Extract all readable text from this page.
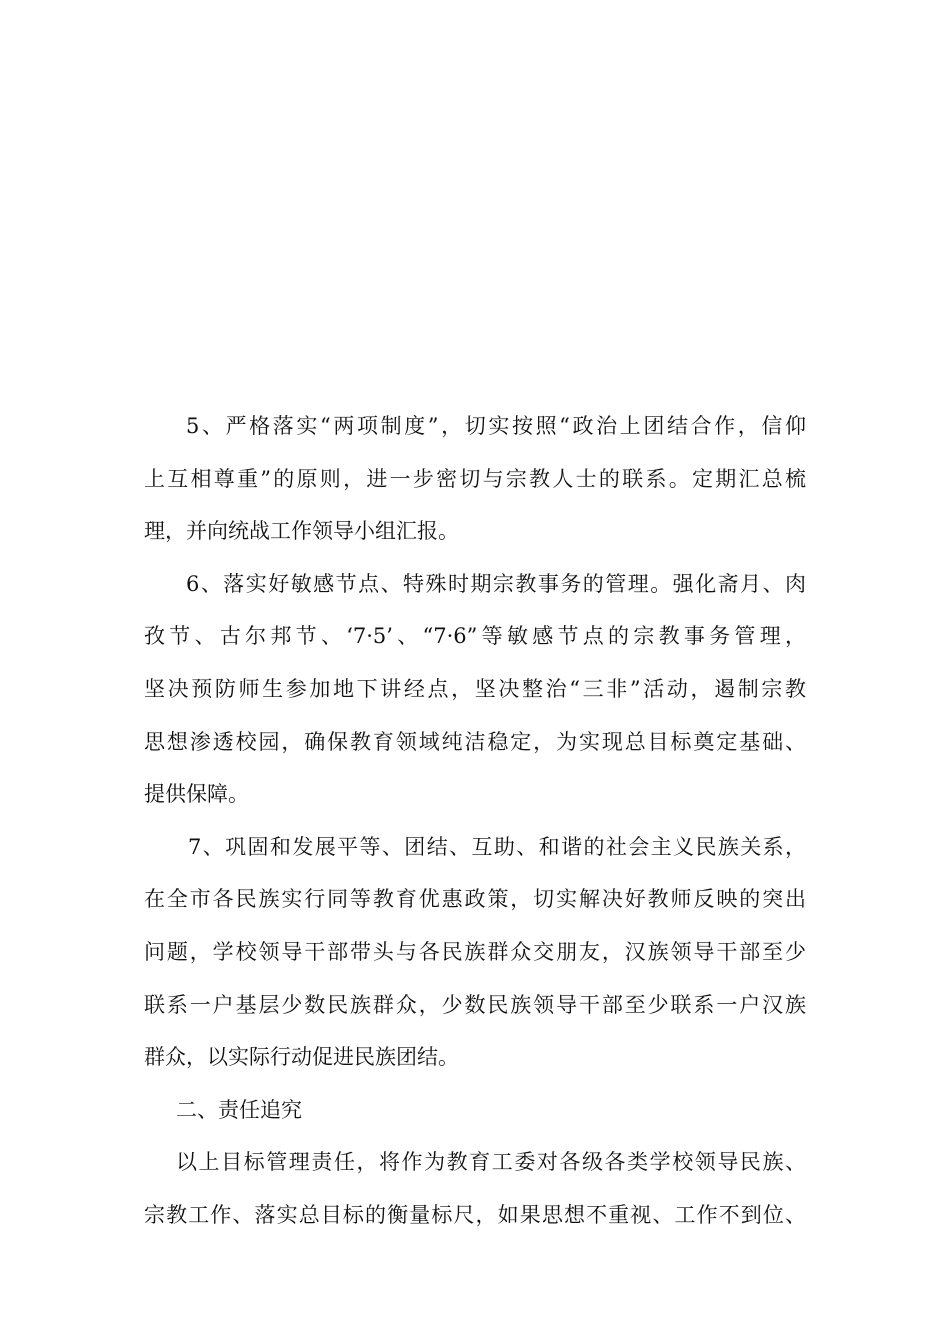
5、严格落实“两项制度”，切实按照“政治上团结合作，信仰
上互相尊重”的原则，进一步密切与宗教人士的联系。定期汇总梳
理，并向统战工作领导小组汇报。
6、落实好敏感节点、特殊时期宗教事务的管理。强化斋月、肉
孜节、古尔邦节、‘7·5’、“7·6”等敏感节点的宗教事务管理，
坚决预防师生参加地下讲经点，坚决整治“三非”活动，遏制宗教
思想渗透校园，确保教育领域纯洁稳定，为实现总目标奠定基础、
提供保障。
7、巩固和发展平等、团结、互助、和谐的社会主义民族关系，
在全市各民族实行同等教育优惠政策，切实解决好教师反映的突出
问题，学校领导干部带头与各民族群众交朋友，汉族领导干部至少
联系一户基层少数民族群众，少数民族领导干部至少联系一户汉族
群众，以实际行动促进民族团结。
二、责任追究
以上目标管理责任，将作为教育工委对各级各类学校领导民族、
宗教工作、落实总目标的衡量标尺，如果思想不重视、工作不到位、
